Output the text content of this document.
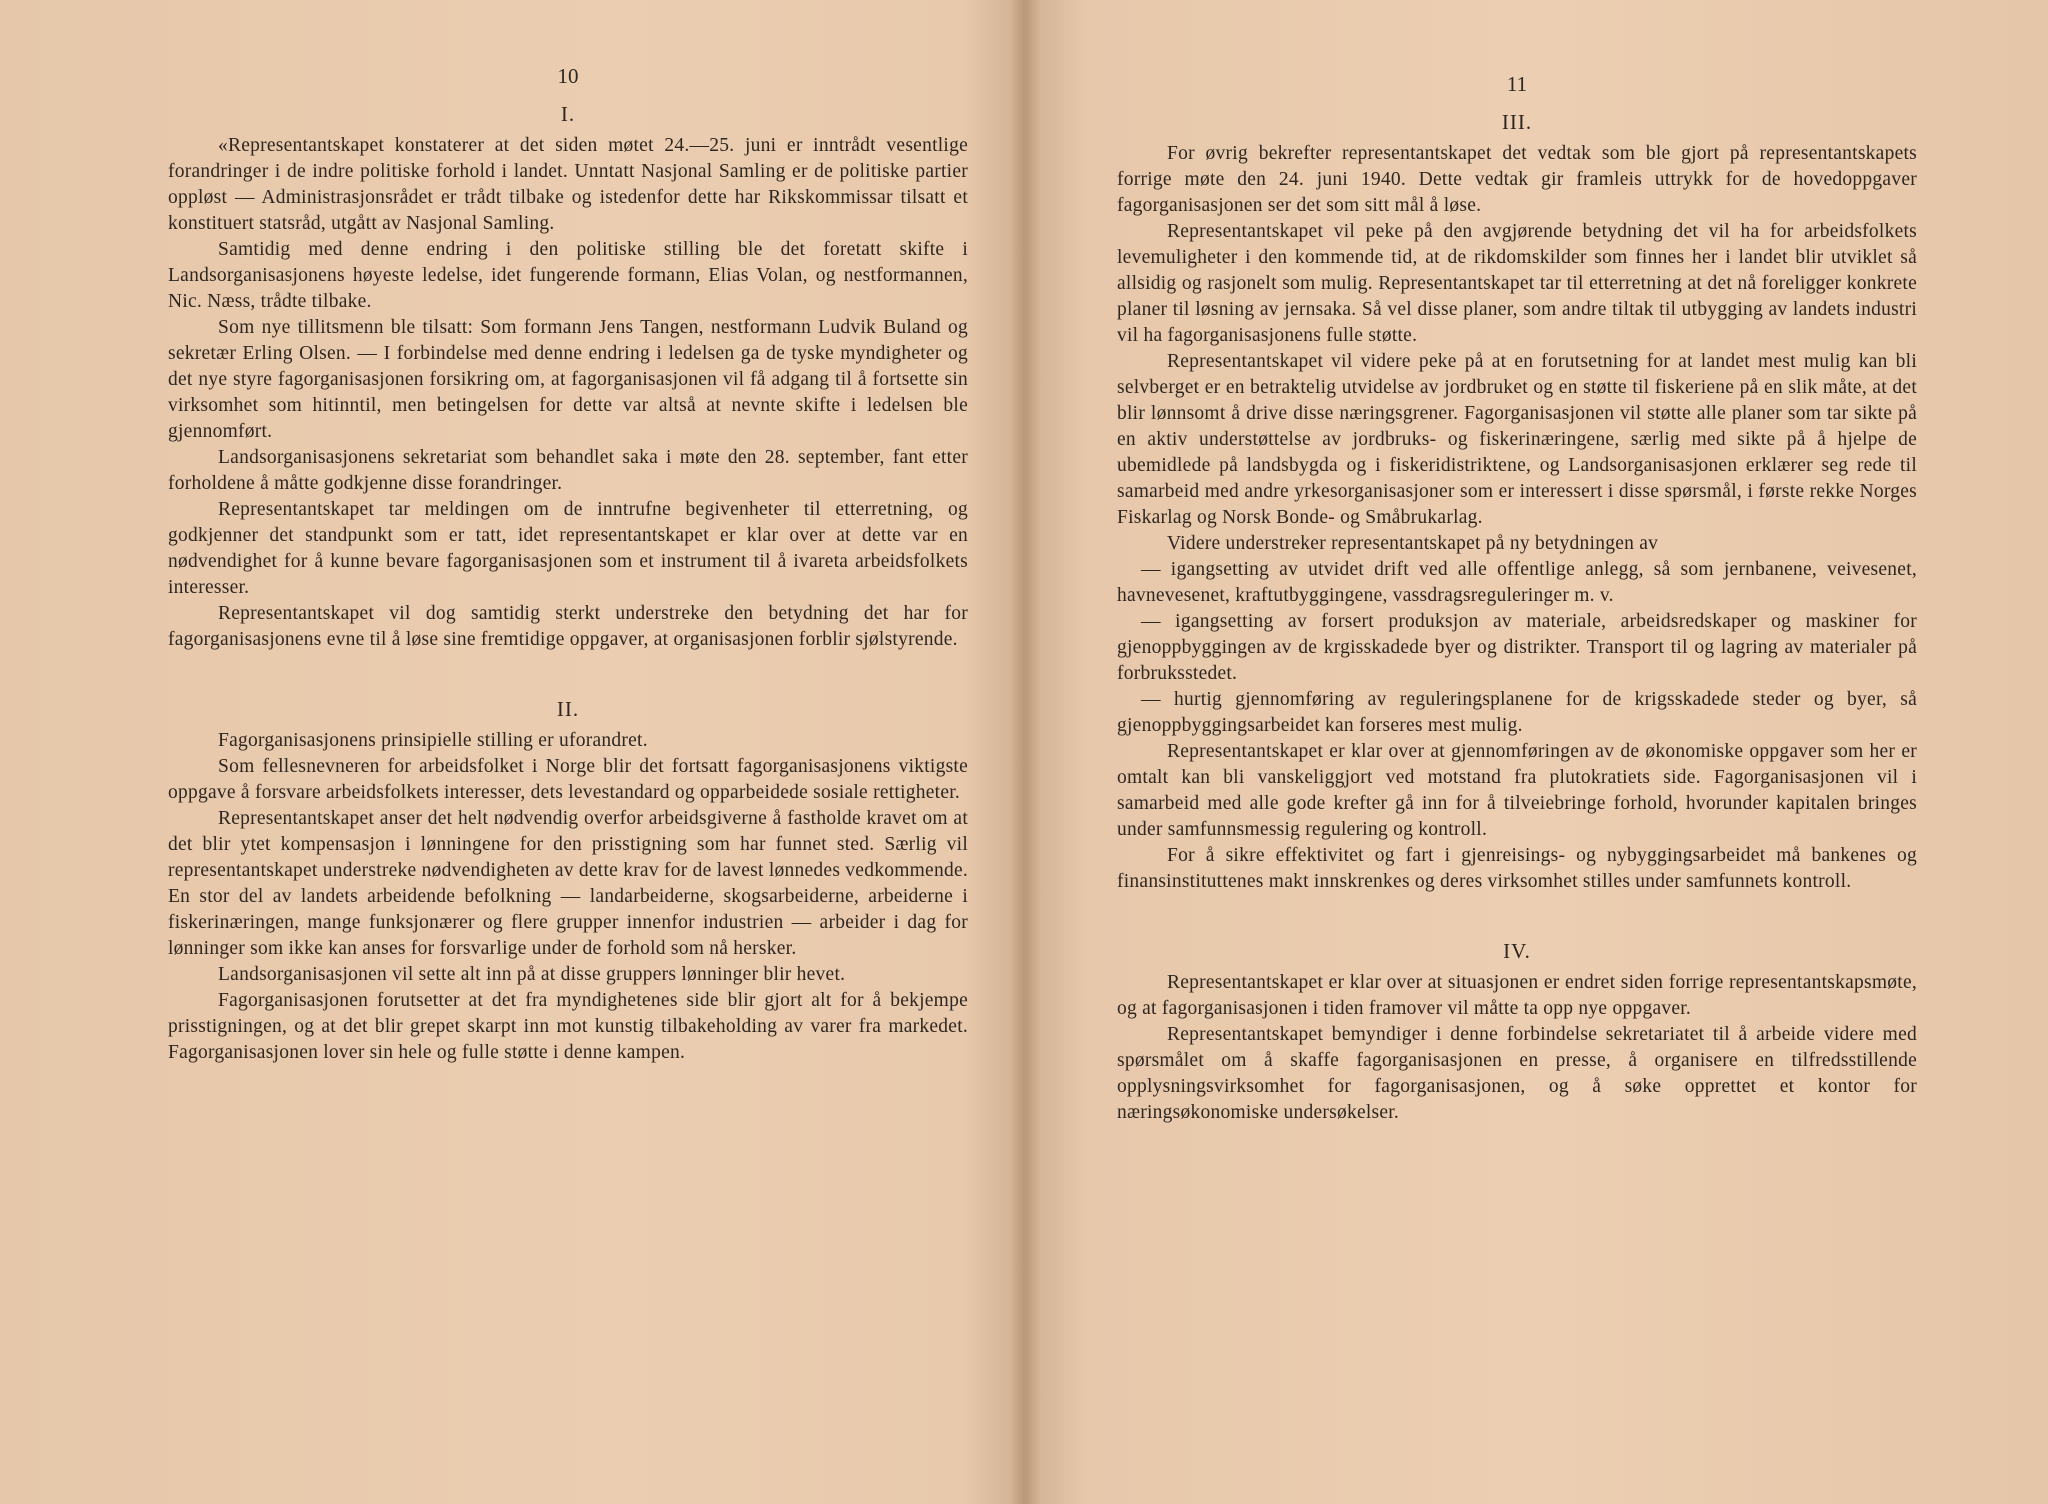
10
I.

«Representantskapet konstaterer at det siden møtet 24.—25. juni er inntrådt vesentlige forandringer i de indre politiske forhold i landet. Unntatt Nasjonal Samling er de politiske partier oppløst — Administrasjonsrådet er trådt tilbake og istedenfor dette har Rikskommissar tilsatt et konstituert statsråd, utgått av Nasjonal Samling.

Samtidig med denne endring i den politiske stilling ble det foretatt skifte i Landsorganisasjonens høyeste ledelse, idet fungerende formann, Elias Volan, og nestformannen, Nic. Næss, trådte tilbake.

Som nye tillitsmenn ble tilsatt: Som formann Jens Tangen, nestformann Ludvik Buland og sekretær Erling Olsen. — I forbindelse med denne endring i ledelsen ga de tyske myndigheter og det nye styre fagorganisasjonen forsikring om, at fagorganisasjonen vil få adgang til å fortsette sin virksomhet som hitinntil, men betingelsen for dette var altså at nevnte skifte i ledelsen ble gjennomført.

Landsorganisasjonens sekretariat som behandlet saka i møte den 28. september, fant etter forholdene å måtte godkjenne disse forandringer.

Representantskapet tar meldingen om de inntrufne begivenheter til etterretning, og godkjenner det standpunkt som er tatt, idet representantskapet er klar over at dette var en nødvendighet for å kunne bevare fagorganisasjonen som et instrument til å ivareta arbeidsfolkets interesser.

Representantskapet vil dog samtidig sterkt understreke den betydning det har for fagorganisasjonens evne til å løse sine fremtidige oppgaver, at organisasjonen forblir sjølstyrende.

II.

Fagorganisasjonens prinsipielle stilling er uforandret.

Som fellesnevneren for arbeidsfolket i Norge blir det fortsatt fagorganisasjonens viktigste oppgave å forsvare arbeidsfolkets interesser, dets levestandard og opparbeidede sosiale rettigheter.

Representantskapet anser det helt nødvendig overfor arbeidsgiverne å fastholde kravet om at det blir ytet kompensasjon i lønningene for den prisstigning som har funnet sted. Særlig vil representantskapet understreke nødvendigheten av dette krav for de lavest lønnedes vedkommende. En stor del av landets arbeidende befolkning — landarbeiderne, skogsarbeiderne, arbeiderne i fiskerinæringen, mange funksjonærer og flere grupper innenfor industrien — arbeider i dag for lønninger som ikke kan anses for forsvarlige under de forhold som nå hersker.

Landsorganisasjonen vil sette alt inn på at disse gruppers lønninger blir hevet.

Fagorganisasjonen forutsetter at det fra myndighetenes side blir gjort alt for å bekjempe prisstigningen, og at det blir grepet skarpt inn mot kunstig tilbakeholding av varer fra markedet. Fagorganisasjonen lover sin hele og fulle støtte i denne kampen.

11
III.

For øvrig bekrefter representantskapet det vedtak som ble gjort på representantskapets forrige møte den 24. juni 1940. Dette vedtak gir framleis uttrykk for de hovedoppgaver fagorganisasjonen ser det som sitt mål å løse.

Representantskapet vil peke på den avgjørende betydning det vil ha for arbeidsfolkets levemuligheter i den kommende tid, at de rikdomskilder som finnes her i landet blir utviklet så allsidig og rasjonelt som mulig. Representantskapet tar til etterretning at det nå foreligger konkrete planer til løsning av jernsaka. Så vel disse planer, som andre tiltak til utbygging av landets industri vil ha fagorganisasjonens fulle støtte.

Representantskapet vil videre peke på at en forutsetning for at landet mest mulig kan bli selvberget er en betraktelig utvidelse av jordbruket og en støtte til fiskeriene på en slik måte, at det blir lønnsomt å drive disse næringsgrener. Fagorganisasjonen vil støtte alle planer som tar sikte på en aktiv understøttelse av jordbruks- og fiskerinæringene, særlig med sikte på å hjelpe de ubemidlede på landsbygda og i fiskeridistriktene, og Landsorganisasjonen erklærer seg rede til samarbeid med andre yrkesorganisasjoner som er interessert i disse spørsmål, i første rekke Norges Fiskarlag og Norsk Bonde- og Småbrukarlag.

Videre understreker representantskapet på ny betydningen av

— igangsetting av utvidet drift ved alle offentlige anlegg, så som jernbanene, veivesenet, havnevesenet, kraftutbyggingene, vassdragsreguleringer m. v.

— igangsetting av forsert produksjon av materiale, arbeidsredskaper og maskiner for gjenoppbyggingen av de krgisskadede byer og distrikter. Transport til og lagring av materialer på forbruksstedet.

— hurtig gjennomføring av reguleringsplanene for de krigsskadede steder og byer, så gjenoppbyggingsarbeidet kan forseres mest mulig.

Representantskapet er klar over at gjennomføringen av de økonomiske oppgaver som her er omtalt kan bli vanskeliggjort ved motstand fra plutokratiets side. Fagorganisasjonen vil i samarbeid med alle gode krefter gå inn for å tilveiebringe forhold, hvorunder kapitalen bringes under samfunnsmessig regulering og kontroll.

For å sikre effektivitet og fart i gjenreisings- og nybyggingsarbeidet må bankenes og finansinstituttenes makt innskrenkes og deres virksomhet stilles under samfunnets kontroll.

IV.

Representantskapet er klar over at situasjonen er endret siden forrige representantskapsmøte, og at fagorganisasjonen i tiden framover vil måtte ta opp nye oppgaver.

Representantskapet bemyndiger i denne forbindelse sekretariatet til å arbeide videre med spørsmålet om å skaffe fagorganisasjonen en presse, å organisere en tilfredsstillende opplysningsvirksomhet for fagorganisasjonen, og å søke opprettet et kontor for næringsøkonomiske undersøkelser.
